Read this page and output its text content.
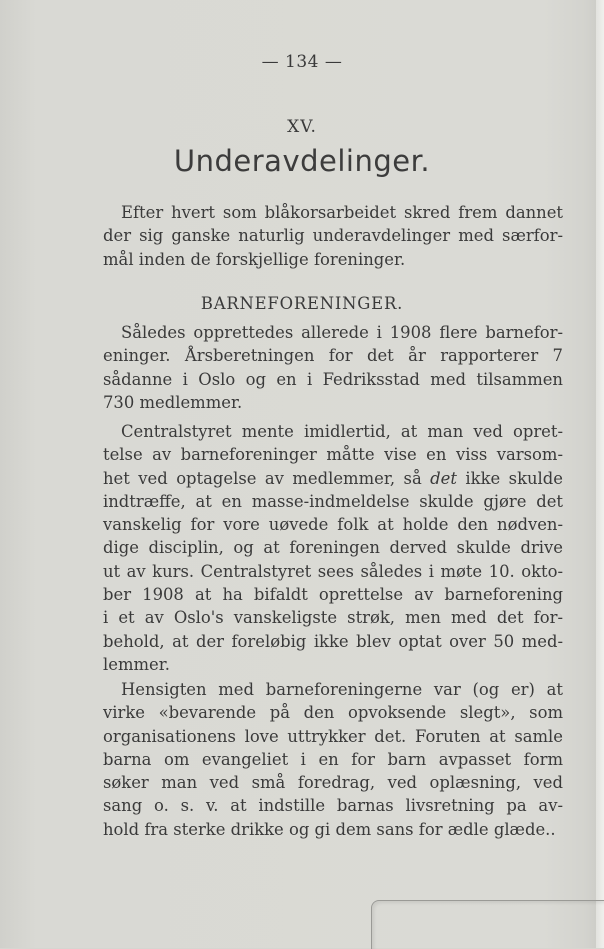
— 134 —
XV.
Underavdelinger.
Efter hvert som blåkorsarbeidet skred frem dannet
der sig ganske naturlig underavdelinger med særfor-
mål inden de forskjellige foreninger.
BARNEFORENINGER.
Således opprettedes allerede i 1908 flere barnefor-
eninger. Årsberetningen for det år rapporterer 7
sådanne i Oslo og en i Fedriksstad med tilsammen
730 medlemmer.
Centralstyret mente imidlertid, at man ved opret-
telse av barneforeninger måtte vise en viss varsom-
het ved optagelse av medlemmer, så det ikke skulde
indtræffe, at en masse-indmeldelse skulde gjøre det
vanskelig for vore uøvede folk at holde den nødven-
dige disciplin, og at foreningen derved skulde drive
ut av kurs. Centralstyret sees således i møte 10. okto-
ber 1908 at ha bifaldt oprettelse av barneforening
i et av Oslo's vanskeligste strøk, men med det for-
behold, at der foreløbig ikke blev optat over 50 med-
lemmer.
Hensigten med barneforeningerne var (og er) at
virke «bevarende på den opvoksende slegt», som
organisationens love uttrykker det. Foruten at samle
barna om evangeliet i en for barn avpasset form
søker man ved små foredrag, ved oplæsning, ved
sang o. s. v. at indstille barnas livsretning pa av-
hold fra sterke drikke og gi dem sans for ædle glæde..
